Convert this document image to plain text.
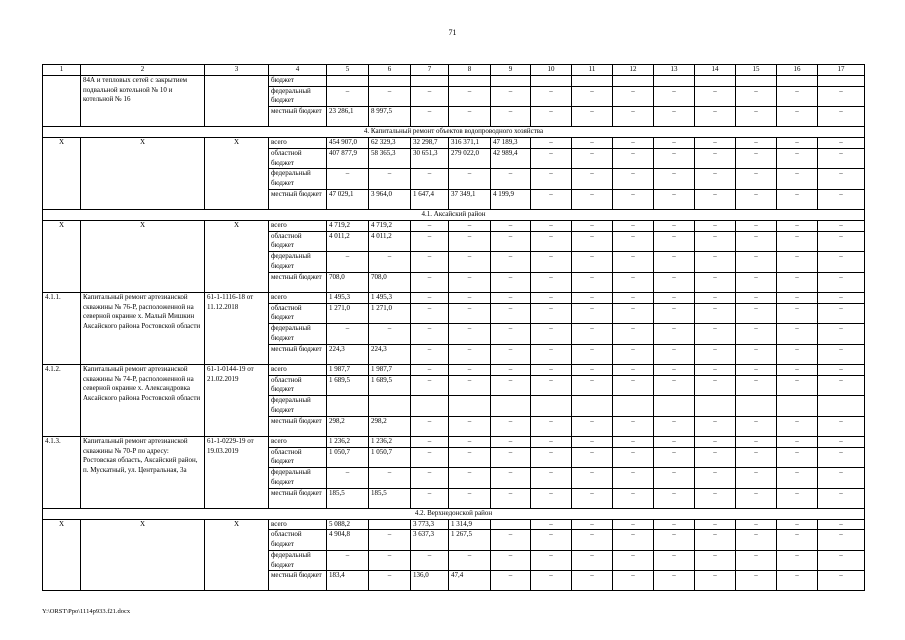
71
1	2	3	4	5	6	7	8	9	10	11	12	13	14	15	16	17
	84А и тепловых сетей с закрытием подвальной котельной № 10 и котельной № 16		бюджет													
			федеральный бюджет	–	–	–	–	–	–	–	–	–	–	–	–	–
			местный бюджет	23 286,1	8 997,5	–	–	–	–	–	–	–	–	–	–	–
4. Капитальный ремонт объектов водопроводного хозяйства																
Х	Х	Х	всего	454 907,0	62 329,3	32 298,7	316 371,1	47 189,3	–	–	–	–	–	–	–	–
			областной бюджет	407 877,9	58 365,3	30 651,3	279 022,0	42 989,4	–	–	–	–	–	–	–	–
			федеральный бюджет	–	–	–	–	–	–	–	–	–	–	–	–	–
			местный бюджет	47 029,1	3 964,0	1 647,4	37 349,1	4 199,9	–	–	–	–	–	–	–	–
4.1. Аксайский район																
Х	Х	Х	всего	4 719,2	4 719,2	–	–	–	–	–	–	–	–	–	–	–
			областной бюджет	4 011,2	4 011,2	–	–	–	–	–	–	–	–	–	–	–
			федеральный бюджет	–	–	–	–	–	–	–	–	–	–	–	–	–
			местный бюджет	708,0	708,0	–	–	–	–	–	–	–	–	–	–	–
4.1.1.	Капитальный ремонт артезианской скважины № 76-Р, расположенной на северной окраине х. Малый Мишкин Аксайского района Ростовской области	61-1-1116-18 от 11.12.2018	всего	1 495,3	1 495,3	–	–	–	–	–	–	–	–	–	–	–
			областной бюджет	1 271,0	1 271,0	–	–	–	–	–	–	–	–	–	–	–
			федеральный бюджет	–	–	–	–	–	–	–	–	–	–	–	–	–
			местный бюджет	224,3	224,3	–	–	–	–	–	–	–	–	–	–	–
4.1.2.	Капитальный ремонт артезианской скважины № 74-Р, расположенной на северной окраине х. Александровка Аксайского района Ростовской области	61-1-0144-19 от 21.02.2019	всего	1 987,7	1 987,7	–	–	–	–	–	–	–	–	–	–	–
			областной бюджет	1 689,5	1 689,5	–	–	–	–	–	–	–	–	–	–	–
			федеральный бюджет													
			местный бюджет	298,2	298,2	–	–	–	–	–	–	–	–	–	–	–
4.1.3.	Капитальный ремонт артезианской скважины № 70-Р по адресу: Ростовская область, Аксайский район, п. Мускатный, ул. Центральная, 3а	61-1-0229-19 от 19.03.2019	всего	1 236,2	1 236,2	–	–	–	–	–	–	–	–	–	–	–
			областной бюджет	1 050,7	1 050,7	–	–	–	–	–	–	–	–	–	–	–
			федеральный бюджет	–	–	–	–	–	–	–	–	–	–	–	–	–
			местный бюджет	185,5	185,5	–	–	–	–	–	–	–	–	–	–	–
4.2. Верхнедонской район																
Х	Х	Х	всего	5 088,2		3 773,3	1 314,9		–	–	–	–	–	–	–	–
			областной бюджет	4 904,8	–	3 637,3	1 267,5	–	–	–	–	–	–	–	–	–
			федеральный бюджет	–	–	–	–	–	–	–	–	–	–	–	–	–
			местный бюджет	183,4	–	136,0	47,4	–	–	–	–	–	–	–	–	–
Y:\ORST\Ppo\1114p933.f21.docx
